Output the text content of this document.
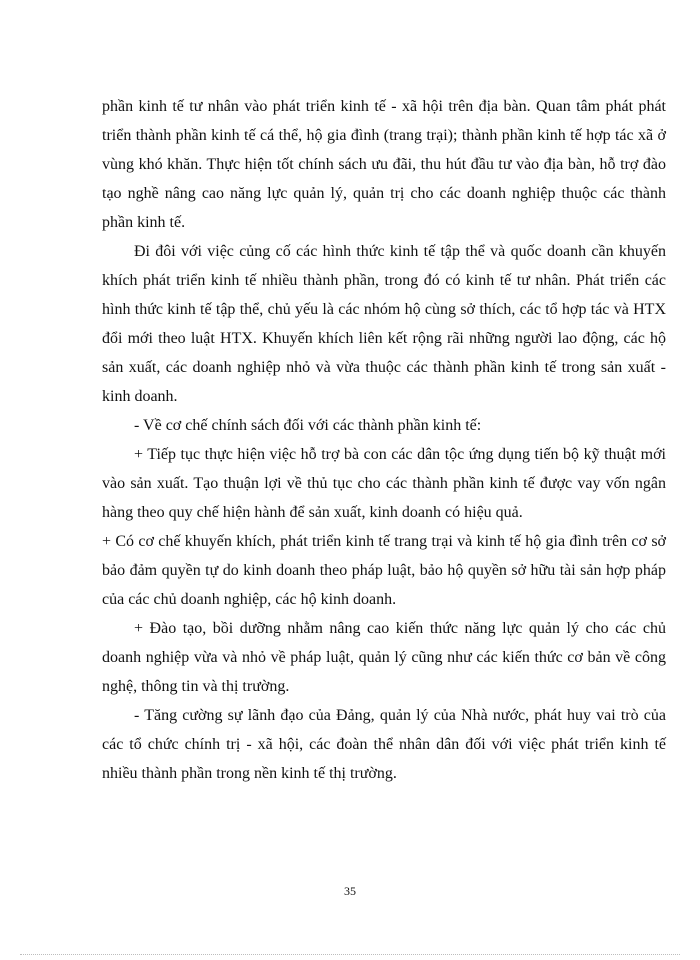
phần kinh tế tư nhân vào phát triển kinh tế - xã hội trên địa bàn. Quan tâm phát phát triển thành phần kinh tế cá thể, hộ gia đình (trang trại); thành phần kinh tế hợp tác xã ở vùng khó khăn. Thực hiện tốt chính sách ưu đãi, thu hút đầu tư vào địa bàn, hỗ trợ đào tạo nghề nâng cao năng lực quản lý, quản trị cho các doanh nghiệp thuộc các thành phần kinh tế.

Đi đôi với việc củng cố các hình thức kinh tế tập thể và quốc doanh cần khuyến khích phát triển kinh tế nhiều thành phần, trong đó có kinh tế tư nhân. Phát triển các hình thức kinh tế tập thể, chủ yếu là các nhóm hộ cùng sở thích, các tổ hợp tác và HTX đổi mới theo luật HTX. Khuyến khích liên kết rộng rãi những người lao động, các hộ sản xuất, các doanh nghiệp nhỏ và vừa thuộc các thành phần kinh tế trong sản xuất - kinh doanh.

- Về cơ chế chính sách đối với các thành phần kinh tế:

+ Tiếp tục thực hiện việc hỗ trợ bà con các dân tộc ứng dụng tiến bộ kỹ thuật mới vào sản xuất. Tạo thuận lợi về thủ tục cho các thành phần kinh tế được vay vốn ngân hàng theo quy chế hiện hành để sản xuất, kinh doanh có hiệu quả.

+ Có cơ chế khuyến khích, phát triển kinh tế trang trại và kinh tế hộ gia đình trên cơ sở bảo đảm quyền tự do kinh doanh theo pháp luật, bảo hộ quyền sở hữu tài sản hợp pháp của các chủ doanh nghiệp, các hộ kinh doanh.

+ Đào tạo, bồi dưỡng nhằm nâng cao kiến thức năng lực quản lý cho các chủ doanh nghiệp vừa và nhỏ về pháp luật, quản lý cũng như các kiến thức cơ bản về công nghệ, thông tin và thị trường.

- Tăng cường sự lãnh đạo của Đảng, quản lý của Nhà nước, phát huy vai trò của các tổ chức chính trị - xã hội, các đoàn thể nhân dân đối với việc phát triển kinh tế nhiều thành phần trong nền kinh tế thị trường.

35
